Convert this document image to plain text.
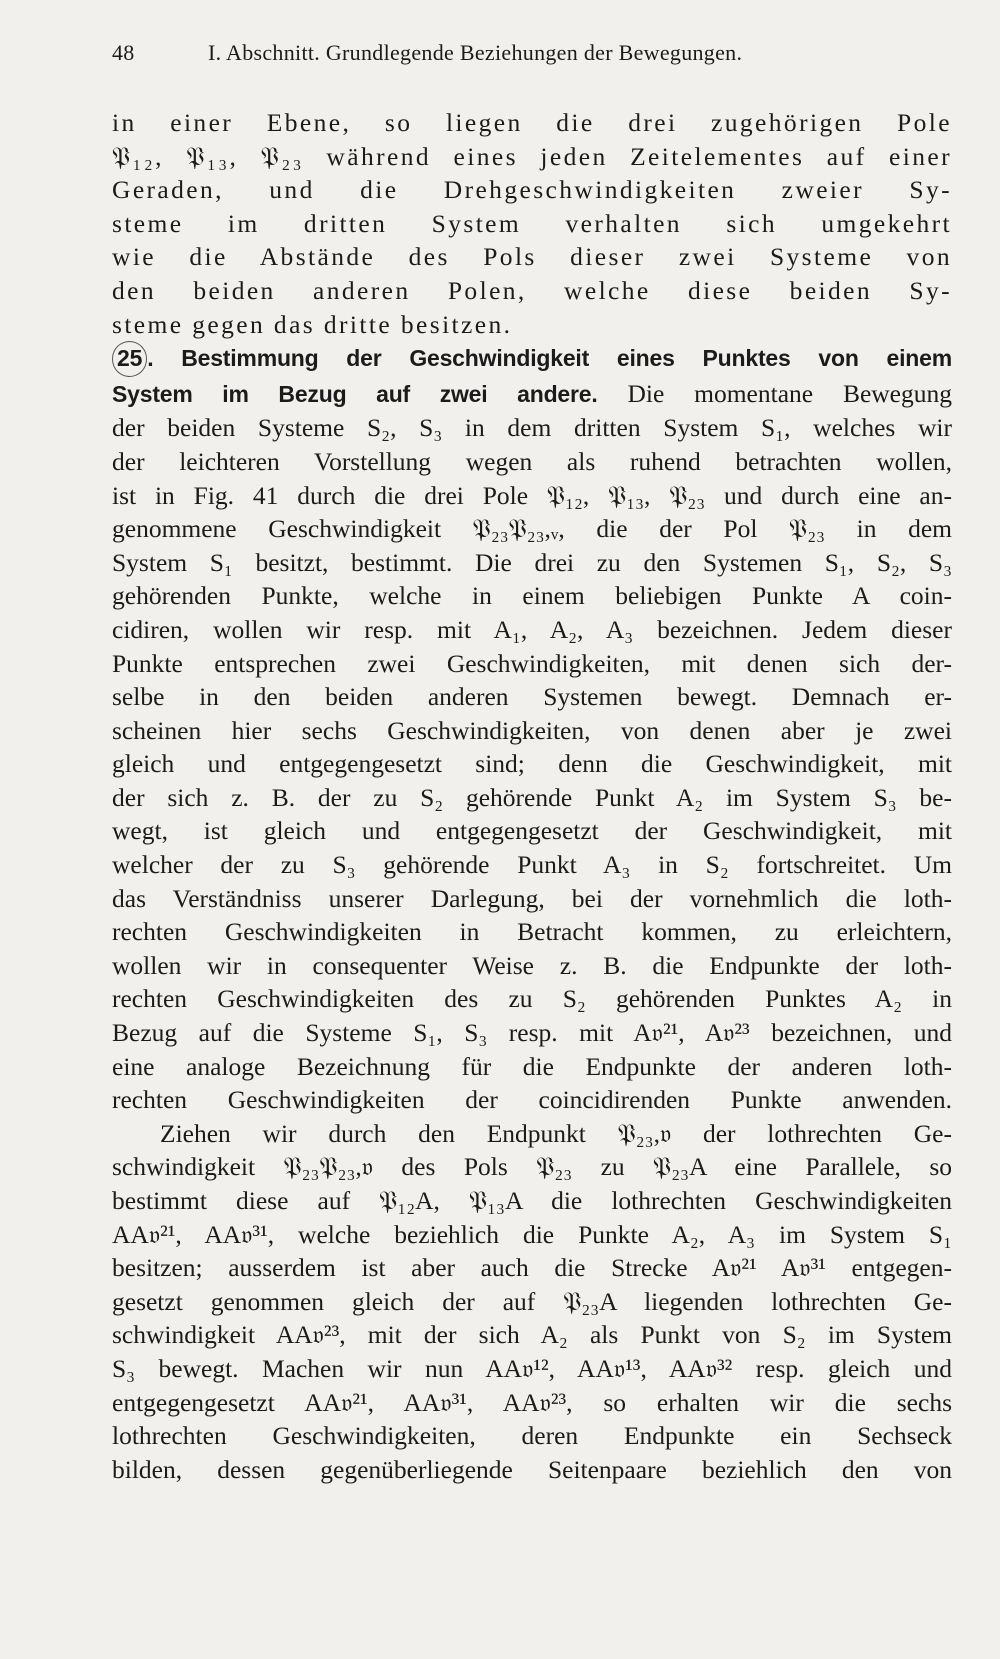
48	I. Abschnitt. Grundlegende Beziehungen der Bewegungen.
in einer Ebene, so liegen die drei zugehörigen Pole
𝔓₁₂, 𝔓₁₃, 𝔓₂₃ während eines jeden Zeitelementes auf einer
Geraden, und die Drehgeschwindigkeiten zweier Sy-
steme im dritten System verhalten sich umgekehrt
wie die Abstände des Pols dieser zwei Systeme von
den beiden anderen Polen, welche diese beiden Sy-
steme gegen das dritte besitzen.
25 . Bestimmung der Geschwindigkeit eines Punktes von einem
System im Bezug auf zwei andere. Die momentane Bewegung
der beiden Systeme S₂, S₃ in dem dritten System S₁, welches wir
der leichteren Vorstellung wegen als ruhend betrachten wollen,
ist in Fig. 41 durch die drei Pole 𝔓₁₂, 𝔓₁₃, 𝔓₂₃ und durch eine an-
genommene Geschwindigkeit 𝔓₂₃𝔓₂₃,ᵥ, die der Pol 𝔓₂₃ in dem
System S₁ besitzt, bestimmt. Die drei zu den Systemen S₁, S₂, S₃
gehörenden Punkte, welche in einem beliebigen Punkte A coin-
cidiren, wollen wir resp. mit A₁, A₂, A₃ bezeichnen. Jedem dieser
Punkte entsprechen zwei Geschwindigkeiten, mit denen sich der-
selbe in den beiden anderen Systemen bewegt. Demnach er-
scheinen hier sechs Geschwindigkeiten, von denen aber je zwei
gleich und entgegengesetzt sind; denn die Geschwindigkeit, mit
der sich z. B. der zu S₂ gehörende Punkt A₂ im System S₃ be-
wegt, ist gleich und entgegengesetzt der Geschwindigkeit, mit
welcher der zu S₃ gehörende Punkt A₃ in S₂ fortschreitet. Um
das Verständniss unserer Darlegung, bei der vornehmlich die loth-
rechten Geschwindigkeiten in Betracht kommen, zu erleichtern,
wollen wir in consequenter Weise z. B. die Endpunkte der loth-
rechten Geschwindigkeiten des zu S₂ gehörenden Punktes A₂ in
Bezug auf die Systeme S₁, S₃ resp. mit A𝔳²¹, A𝔳²³ bezeichnen, und
eine analoge Bezeichnung für die Endpunkte der anderen loth-
rechten Geschwindigkeiten der coincidirenden Punkte anwenden.
Ziehen wir durch den Endpunkt 𝔓₂₃,𝔳 der lothrechten Ge-
schwindigkeit 𝔓₂₃𝔓₂₃,𝔳 des Pols 𝔓₂₃ zu 𝔓₂₃A eine Parallele, so
bestimmt diese auf 𝔓₁₂A, 𝔓₁₃A die lothrechten Geschwindigkeiten
AA𝔳²¹, AA𝔳³¹, welche beziehlich die Punkte A₂, A₃ im System S₁
besitzen; ausserdem ist aber auch die Strecke A𝔳²¹ A𝔳³¹ entgegen-
gesetzt genommen gleich der auf 𝔓₂₃A liegenden lothrechten Ge-
schwindigkeit AA𝔳²³, mit der sich A₂ als Punkt von S₂ im System
S₃ bewegt. Machen wir nun AA𝔳¹², AA𝔳¹³, AA𝔳³² resp. gleich und
entgegengesetzt AA𝔳²¹, AA𝔳³¹, AA𝔳²³, so erhalten wir die sechs
lothrechten Geschwindigkeiten, deren Endpunkte ein Sechseck
bilden, dessen gegenüberliegende Seitenpaare beziehlich den von
